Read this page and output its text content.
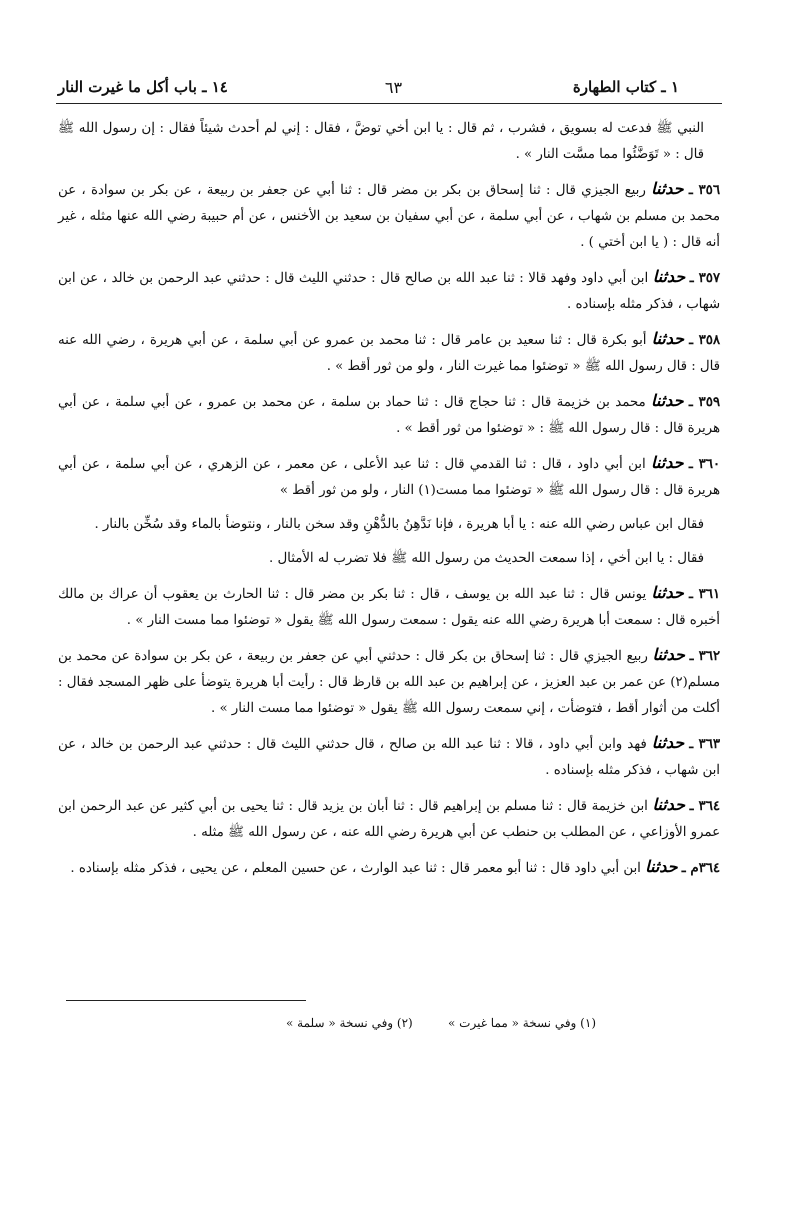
١ ـ كتاب الطهارة
٦٣
١٤ ـ باب أكل ما غيرت النار

النبي ﷺ فدعت له بسويق ، فشرب ، ثم قال : يا ابن أخي توضَّ ، فقال : إني لم أحدث شيئاً فقال : إن رسول الله ﷺ قال : « تَوَضَّئُوا مما مسَّت النار » .

٣٥٦ ـ حدثنا ربيع الجيزي قال : ثنا إسحاق بن بكر بن مضر قال : ثنا أبي عن جعفر بن ربيعة ، عن بكر بن سوادة ، عن محمد بن مسلم بن شهاب ، عن أبي سلمة ، عن أبي سفيان بن سعيد بن الأخنس ، عن أم حبيبة رضي الله عنها مثله ، غير أنه قال : ( يا ابن أختي ) .

٣٥٧ ـ حدثنا ابن أبي داود وفهد قالا : ثنا عبد الله بن صالح قال : حدثني الليث قال : حدثني عبد الرحمن بن خالد ، عن ابن شهاب ، فذكر مثله بإسناده .

٣٥٨ ـ حدثنا أبو بكرة قال : ثنا سعيد بن عامر قال : ثنا محمد بن عمرو عن أبي سلمة ، عن أبي هريرة ، رضي الله عنه قال : قال رسول الله ﷺ « توضئوا مما غيرت النار ، ولو من ثور أقط » .

٣٥٩ ـ حدثنا محمد بن خزيمة قال : ثنا حجاج قال : ثنا حماد بن سلمة ، عن محمد بن عمرو ، عن أبي سلمة ، عن أبي هريرة قال : قال رسول الله ﷺ : « توضئوا من ثور أقط » .

٣٦٠ ـ حدثنا ابن أبي داود ، قال : ثنا القدمي قال : ثنا عبد الأعلى ، عن معمر ، عن الزهري ، عن أبي سلمة ، عن أبي هريرة قال : قال رسول الله ﷺ « توضئوا مما مست(١) النار ، ولو من ثور أقط »

فقال ابن عباس رضي الله عنه : يا أبا هريرة ، فإنا نَدَّهِنُ بالدُّهْنِ وقد سخن بالنار ، ونتوضأ بالماء وقد سُخِّن بالنار .

فقال : يا ابن أخي ، إذا سمعت الحديث من رسول الله ﷺ فلا تضرب له الأمثال .

٣٦١ ـ حدثنا يونس قال : ثنا عبد الله بن يوسف ، قال : ثنا بكر بن مضر قال : ثنا الحارث بن يعقوب أن عراك بن مالك أخبره قال : سمعت أبا هريرة رضي الله عنه يقول : سمعت رسول الله ﷺ يقول « توضئوا مما مست النار » .

٣٦٢ ـ حدثنا ربيع الجيزي قال : ثنا إسحاق بن بكر قال : حدثني أبي عن جعفر بن ربيعة ، عن بكر بن سوادة عن محمد بن مسلم(٢) عن عمر بن عبد العزيز ، عن إبراهيم بن عبد الله بن قارظ قال : رأيت أبا هريرة يتوضأ على ظهر المسجد فقال : أكلت من أثوار أقط ، فتوضأت ، إني سمعت رسول الله ﷺ يقول « توضئوا مما مست النار » .

٣٦٣ ـ حدثنا فهد وابن أبي داود ، قالا : ثنا عبد الله بن صالح ، قال حدثني الليث قال : حدثني عبد الرحمن بن خالد ، عن ابن شهاب ، فذكر مثله بإسناده .

٣٦٤ ـ حدثنا ابن خزيمة قال : ثنا مسلم بن إبراهيم قال : ثنا أبان بن يزيد قال : ثنا يحيى بن أبي كثير عن عبد الرحمن ابن عمرو الأوزاعي ، عن المطلب بن حنطب عن أبي هريرة رضي الله عنه ، عن رسول الله ﷺ مثله .

٣٦٤م ـ حدثنا ابن أبي داود قال : ثنا أبو معمر قال : ثنا عبد الوارث ، عن حسين المعلم ، عن يحيى ، فذكر مثله بإسناده .

(١) وفي نسخة « مما غيرت »
(٢) وفي نسخة « سلمة »
